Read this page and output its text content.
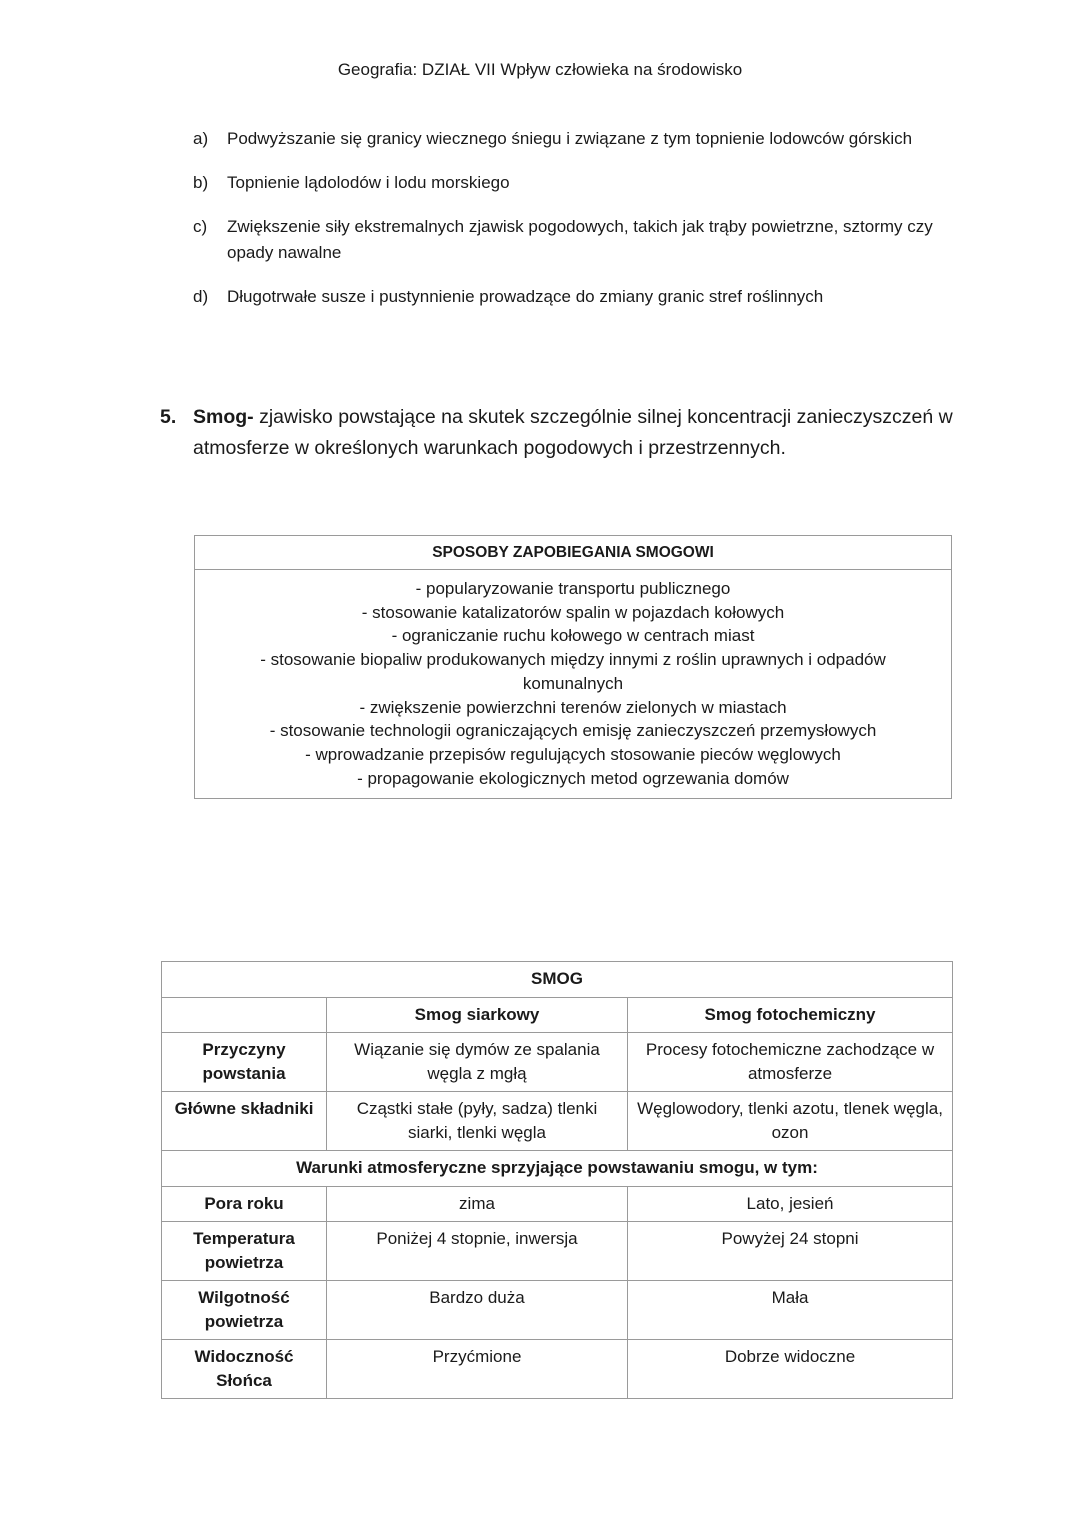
Geografia: DZIAŁ VII Wpływ człowieka na środowisko
a)	Podwyższanie się granicy wiecznego śniegu i związane z tym topnienie lodowców górskich
b)	Topnienie lądolodów i lodu morskiego
c)	Zwiększenie siły ekstremalnych zjawisk pogodowych, takich jak trąby powietrzne, sztormy czy opady nawalne
d)	Długotrwałe susze i pustynnienie prowadzące do zmiany granic stref roślinnych
5. Smog- zjawisko powstające na skutek szczególnie silnej koncentracji zanieczyszczeń w atmosferze w określonych warunkach pogodowych i przestrzennych.
SPOSOBY ZAPOBIEGANIA SMOGOWI

- popularyzowanie transportu publicznego
- stosowanie katalizatorów spalin w pojazdach kołowych
- ograniczanie ruchu kołowego w centrach miast
- stosowanie biopaliw produkowanych między innymi z roślin uprawnych i odpadów komunalnych
- zwiększenie powierzchni terenów zielonych w miastach
- stosowanie technologii ograniczających emisję zanieczyszczeń przemysłowych
- wprowadzanie przepisów regulujących stosowanie pieców węglowych
- propagowanie ekologicznych metod ogrzewania domów
SMOG		
	Smog siarkowy	Smog fotochemiczny
Przyczyny powstania	Wiązanie się dymów ze spalania węgla z mgłą	Procesy fotochemiczne zachodzące w atmosferze
Główne składniki	Cząstki stałe (pyły, sadza) tlenki siarki, tlenki węgla	Węglowodory, tlenki azotu, tlenek węgla, ozon
Warunki atmosferyczne sprzyjające powstawaniu smogu, w tym:		
Pora roku	zima	Lato, jesień
Temperatura powietrza	Poniżej 4 stopnie, inwersja	Powyżej 24 stopni
Wilgotność powietrza	Bardzo duża	Mała
Widoczność Słońca	Przyćmione	Dobrze widoczne
